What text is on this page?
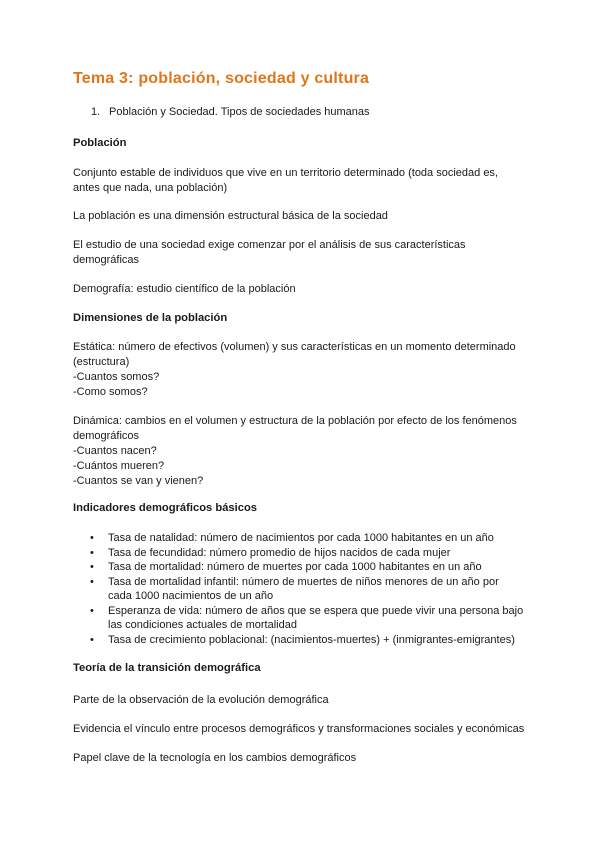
Tema 3: población, sociedad y cultura
1. Población y Sociedad. Tipos de sociedades humanas
Población
Conjunto estable de individuos que vive en un territorio determinado (toda sociedad es,
antes que nada, una población)
La población es una dimensión estructural básica de la sociedad
El estudio de una sociedad exige comenzar por el análisis de sus características
demográficas
Demografía: estudio científico de la población
Dimensiones de la población
Estática: número de efectivos (volumen) y sus características en un momento determinado
(estructura)
-Cuantos somos?
-Como somos?
Dinámica: cambios en el volumen y estructura de la población por efecto de los fenómenos
demográficos
-Cuantos nacen?
-Cuántos mueren?
-Cuantos se van y vienen?
Indicadores demográficos básicos
• Tasa de natalidad: número de nacimientos por cada 1000 habitantes en un año
• Tasa de fecundidad: número promedio de hijos nacidos de cada mujer
• Tasa de mortalidad: número de muertes por cada 1000 habitantes en un año
• Tasa de mortalidad infantil: número de muertes de niños menores de un año por
cada 1000 nacimientos de un año
• Esperanza de vida: número de años que se espera que puede vivir una persona bajo
las condiciones actuales de mortalidad
• Tasa de crecimiento poblacional: (nacimientos-muertes) + (inmigrantes-emigrantes)
Teoría de la transición demográfica
Parte de la observación de la evolución demográfica
Evidencia el vínculo entre procesos demográficos y transformaciones sociales y económicas
Papel clave de la tecnología en los cambios demográficos
